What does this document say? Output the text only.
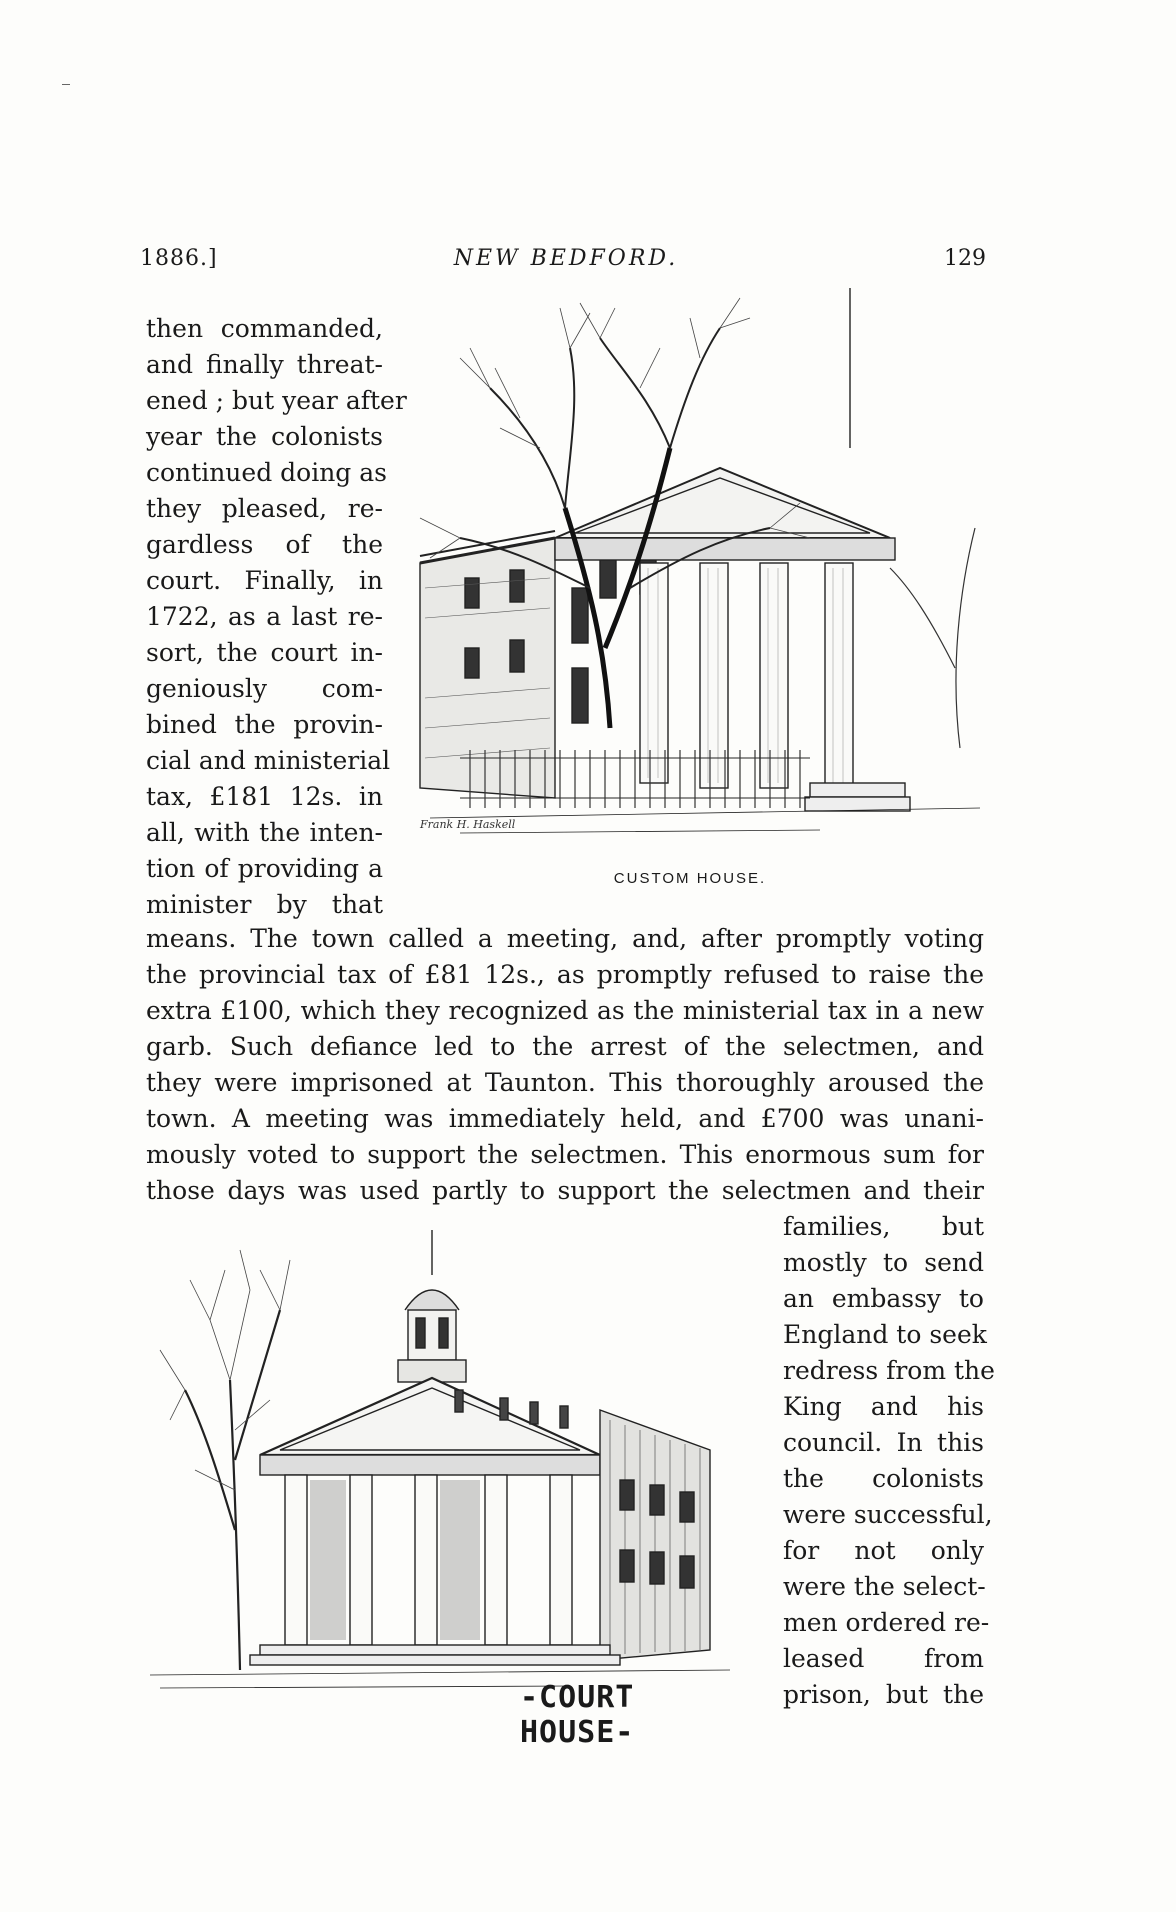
1886.]	NEW BEDFORD.	129
then commanded,
and finally threat-
ened ; but year after
year the colonists
continued doing as
they pleased, re-
gardless of the
court. Finally, in
1722, as a last re-
sort, the court in-
geniously com-
bined the provin-
cial and ministerial
tax, £181 12s. in
all, with the inten-
tion of providing a
minister by that
Frank H. Haskell
CUSTOM HOUSE.
means. The town called a meeting, and, after promptly voting
the provincial tax of £81 12s., as promptly refused to raise the
extra £100, which they recognized as the ministerial tax in a new
garb. Such defiance led to the arrest of the selectmen, and
they were imprisoned at Taunton. This thoroughly aroused the
town. A meeting was immediately held, and £700 was unani-
mously voted to support the selectmen. This enormous sum for
those days was used partly to support the selectmen and their
families, but
mostly to send
an embassy to
England to seek
redress from the
King and his
council. In this
the colonists
were successful,
for not only
were the select-
men ordered re-
leased from
prison, but the
-COURT HOUSE-
